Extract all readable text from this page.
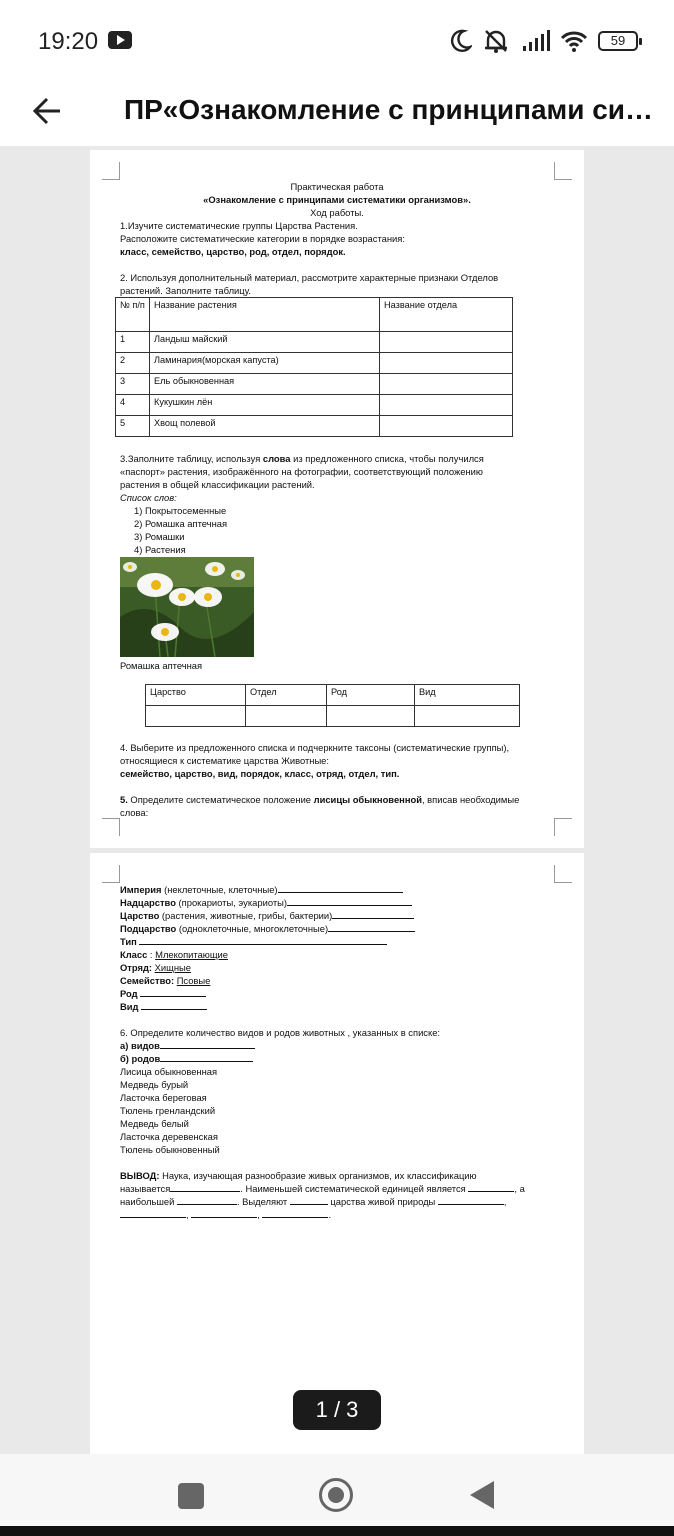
19:20	59
ПР«Ознакомление с принципами си…
Практическая работа
«Ознакомление с принципами систематики организмов».
Ход работы.
1.Изучите систематические группы Царства Растения.
Расположите систематические категории в порядке возрастания:
класс, семейство, царство, род, отдел, порядок.
2. Используя дополнительный материал, рассмотрите характерные признаки Отделов
растений. Заполните таблицу.
№ п/п	Название растения	Название отдела
1	Ландыш майский	
2	Ламинария(морская капуста)	
3	Ель обыкновенная	
4	Кукушкин лён	
5	Хвощ полевой	
3.Заполните таблицу, используя слова из предложенного списка, чтобы получился
«паспорт» растения, изображённого на фотографии, соответствующий положению
растения в общей классификации растений.
Список слов:
1) Покрытосеменные
2) Ромашка аптечная
3) Ромашки
4) Растения
Ромашка аптечная
Царство	Отдел	Род	Вид

4. Выберите из предложенного списка и подчеркните таксоны (систематические группы),
относящиеся к систематике царства Животные:
семейство, царство, вид, порядок, класс, отряд, отдел, тип.
5. Определите систематическое положение лисицы обыкновенной, вписав необходимые
слова:
Империя (неклеточные, клеточные)
Надцарство (прокариоты, эукариоты)
Царство (растения, животные, грибы, бактерии)
Подцарство (одноклеточные, многоклеточные)
Тип
Класс : Млекопитающие
Отряд: Хищные
Семейство: Псовые
Род
Вид
6. Определите количество видов и родов животных , указанных в списке:
а) видов
б) родов
Лисица обыкновенная
Медведь бурый
Ласточка береговая
Тюлень гренландский
Медведь белый
Ласточка деревенская
Тюлень обыкновенный
ВЫВОД: Наука, изучающая разнообразие живых организмов, их классификацию
называется	. Наименьшей систематической единицей является	, а
наибольшей	. Выделяют	царства живой природы	,
,	,	.
1 / 3
